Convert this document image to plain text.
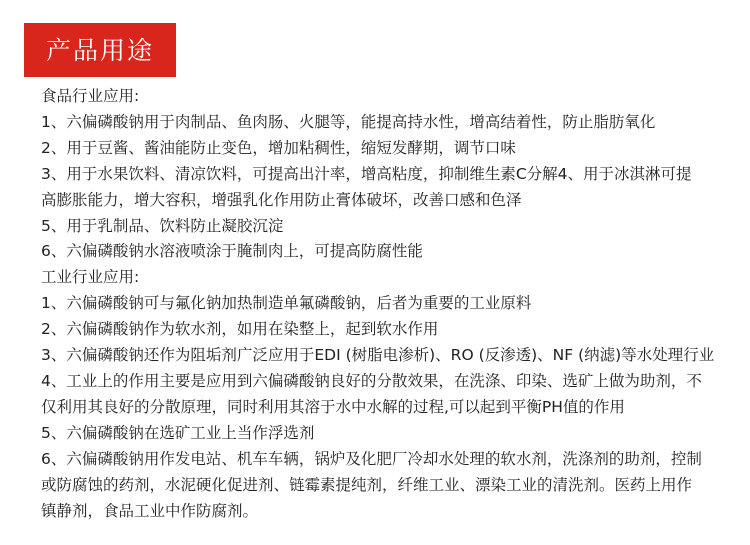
产品用途
食品行业应用:
1、六偏磷酸钠用于肉制品、鱼肉肠、火腿等，能提高持水性，增高结着性，防止脂肪氧化
2、用于豆酱、酱油能防止变色，增加粘稠性，缩短发酵期，调节口味
3、用于水果饮料、清凉饮料，可提高出汁率，增高粘度，抑制维生素C分解4、用于冰淇淋可提
高膨胀能力，增大容积，增强乳化作用防止膏体破坏，改善口感和色泽
5、用于乳制品、饮料防止凝胶沉淀
6、六偏磷酸钠水溶液喷涂于腌制肉上，可提高防腐性能
工业行业应用:
1、六偏磷酸钠可与氟化钠加热制造单氟磷酸钠，后者为重要的工业原料
2、六偏磷酸钠作为软水剂，如用在染整上，起到软水作用
3、六偏磷酸钠还作为阻垢剂广泛应用于EDI (树脂电渗析)、RO (反渗透)、NF (纳滤)等水处理行业
4、工业上的作用主要是应用到六偏磷酸钠良好的分散效果，在洗涤、印染、选矿上做为助剂，不
仅利用其良好的分散原理，同时利用其溶于水中水解的过程,可以起到平衡PH值的作用
5、六偏磷酸钠在选矿工业上当作浮选剂
6、六偏磷酸钠用作发电站、机车车辆，锅炉及化肥厂冷却水处理的软水剂，洗涤剂的助剂，控制
或防腐蚀的药剂，水泥硬化促进剂、链霉素提纯剂，纤维工业、漂染工业的清洗剂。医药上用作
镇静剂，食品工业中作防腐剂。
